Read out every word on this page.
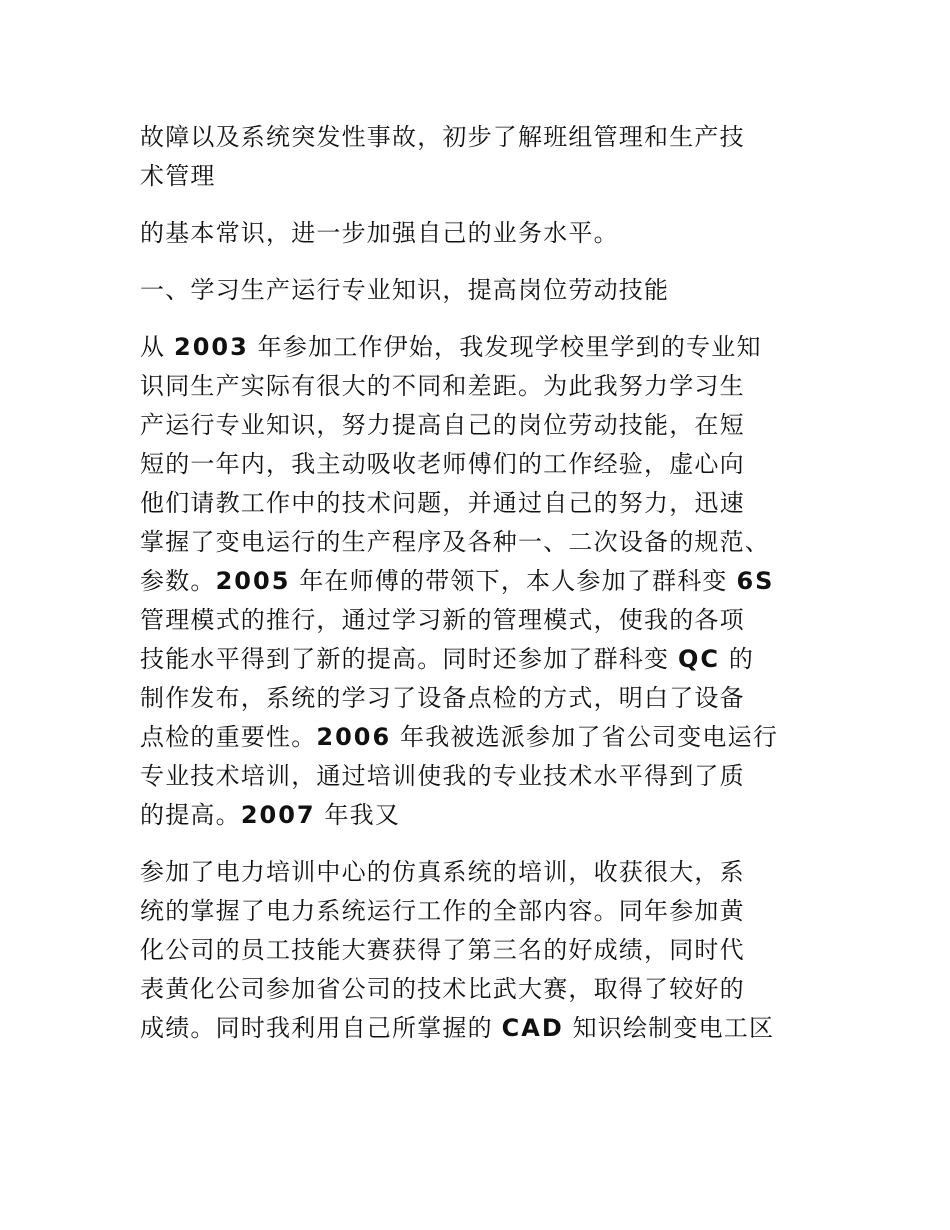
故障以及系统突发性事故，初步了解班组管理和生产技
术管理

的基本常识，进一步加强自己的业务水平。

一、学习生产运行专业知识，提高岗位劳动技能

从 2003 年参加工作伊始，我发现学校里学到的专业知
识同生产实际有很大的不同和差距。为此我努力学习生
产运行专业知识，努力提高自己的岗位劳动技能，在短
短的一年内，我主动吸收老师傅们的工作经验，虚心向
他们请教工作中的技术问题，并通过自己的努力，迅速
掌握了变电运行的生产程序及各种一、二次设备的规范、
参数。2005 年在师傅的带领下，本人参加了群科变 6S
管理模式的推行，通过学习新的管理模式，使我的各项
技能水平得到了新的提高。同时还参加了群科变 QC 的
制作发布，系统的学习了设备点检的方式，明白了设备
点检的重要性。2006 年我被选派参加了省公司变电运行
专业技术培训，通过培训使我的专业技术水平得到了质
的提高。2007 年我又

参加了电力培训中心的仿真系统的培训，收获很大，系
统的掌握了电力系统运行工作的全部内容。同年参加黄
化公司的员工技能大赛获得了第三名的好成绩，同时代
表黄化公司参加省公司的技术比武大赛，取得了较好的
成绩。同时我利用自己所掌握的 CAD 知识绘制变电工区
